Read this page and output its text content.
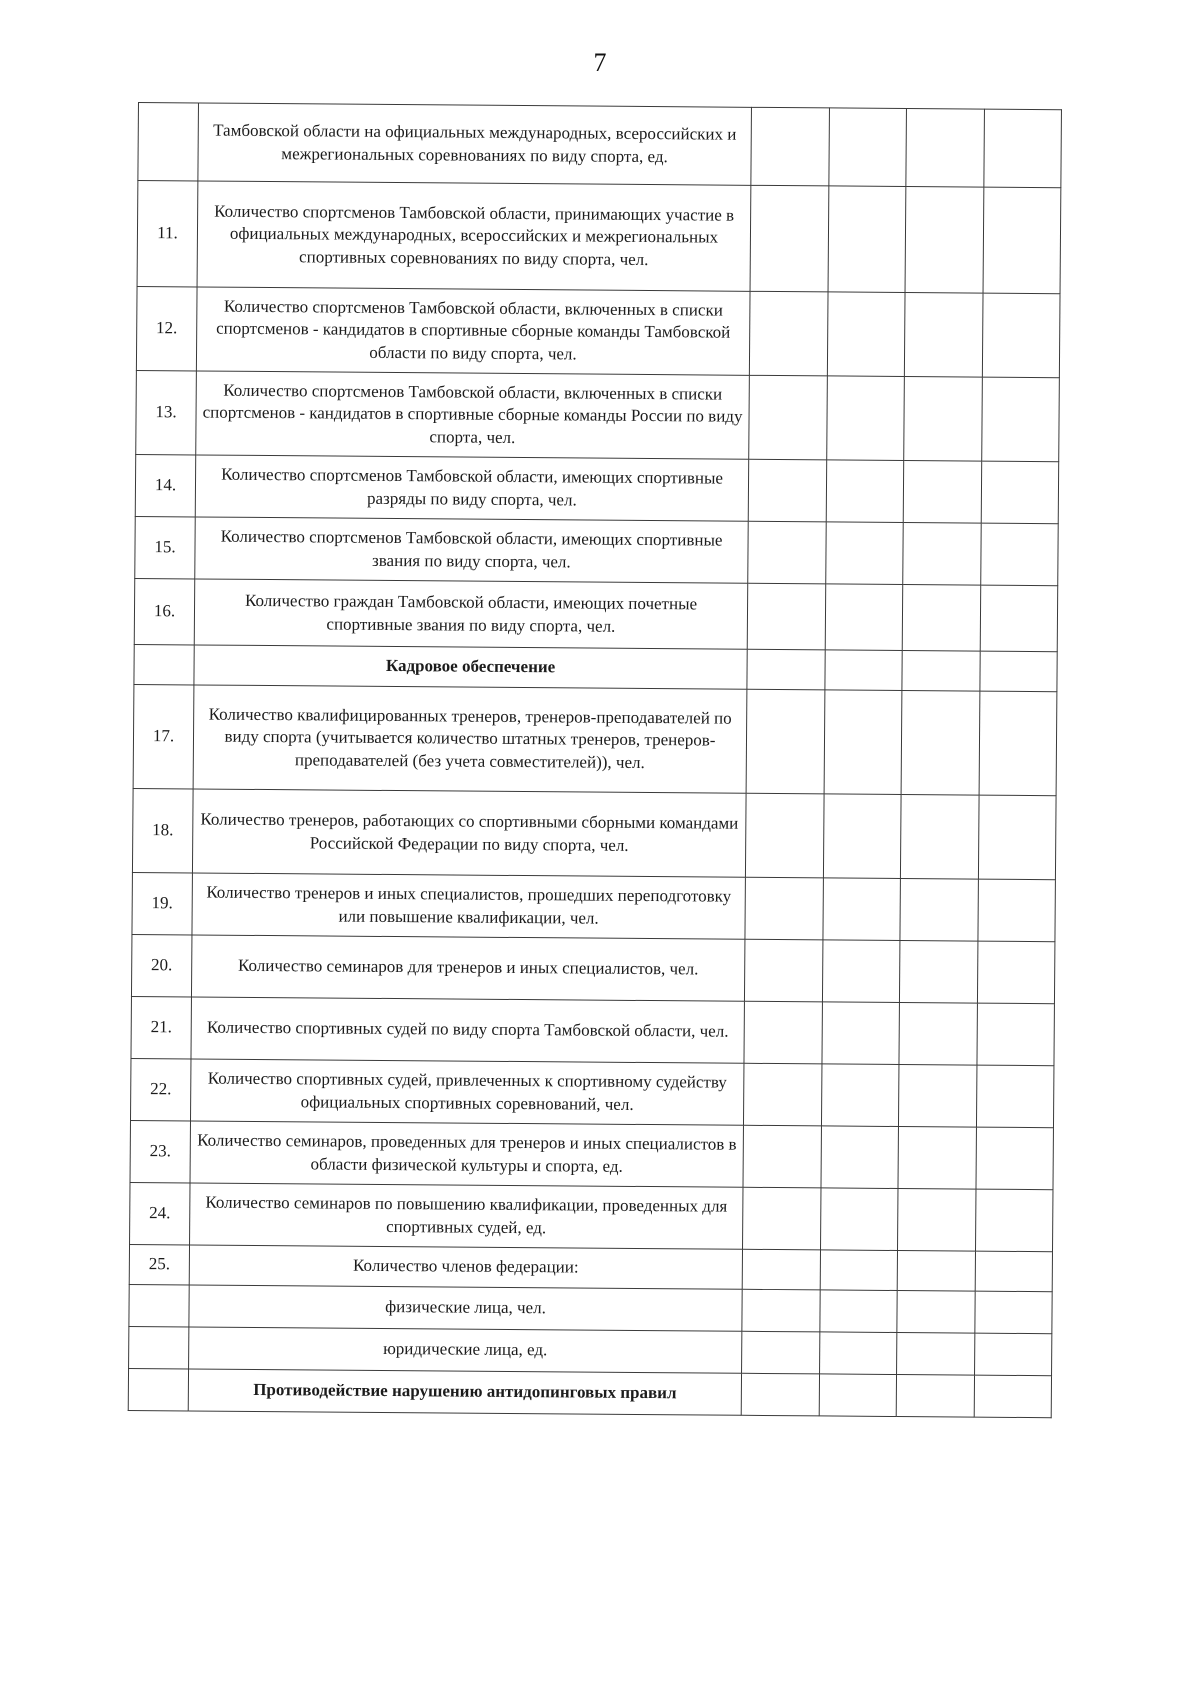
7
	Тамбовской области на официальных международных, всероссийских и межрегиональных соревнованиях по виду спорта, ед.				
11.	Количество спортсменов Тамбовской области, принимающих участие в официальных международных, всероссийских и межрегиональных спортивных соревнованиях по виду спорта, чел.				
12.	Количество спортсменов Тамбовской области, включенных в списки спортсменов - кандидатов в спортивные сборные команды Тамбовской области по виду спорта, чел.				
13.	Количество спортсменов Тамбовской области, включенных в списки спортсменов - кандидатов в спортивные сборные команды России по виду спорта, чел.				
14.	Количество спортсменов Тамбовской области, имеющих спортивные разряды по виду спорта, чел.				
15.	Количество спортсменов Тамбовской области, имеющих спортивные звания по виду спорта, чел.				
16.	Количество граждан Тамбовской области, имеющих почетные спортивные звания по виду спорта, чел.				
	Кадровое обеспечение				
17.	Количество квалифицированных тренеров, тренеров-преподавателей по виду спорта (учитывается количество штатных тренеров, тренеров-преподавателей (без учета совместителей)), чел.				
18.	Количество тренеров, работающих со спортивными сборными командами Российской Федерации по виду спорта, чел.				
19.	Количество тренеров и иных специалистов, прошедших переподготовку или повышение квалификации, чел.				
20.	Количество семинаров для тренеров и иных специалистов, чел.				
21.	Количество спортивных судей по виду спорта Тамбовской области, чел.				
22.	Количество спортивных судей, привлеченных к спортивному судейству официальных спортивных соревнований, чел.				
23.	Количество семинаров, проведенных для тренеров и иных специалистов в области физической культуры и спорта, ед.				
24.	Количество семинаров по повышению квалификации, проведенных для спортивных судей, ед.				
25.	Количество членов федерации:				
	физические лица, чел.				
	юридические лица, ед.				
	Противодействие нарушению антидопинговых правил				
